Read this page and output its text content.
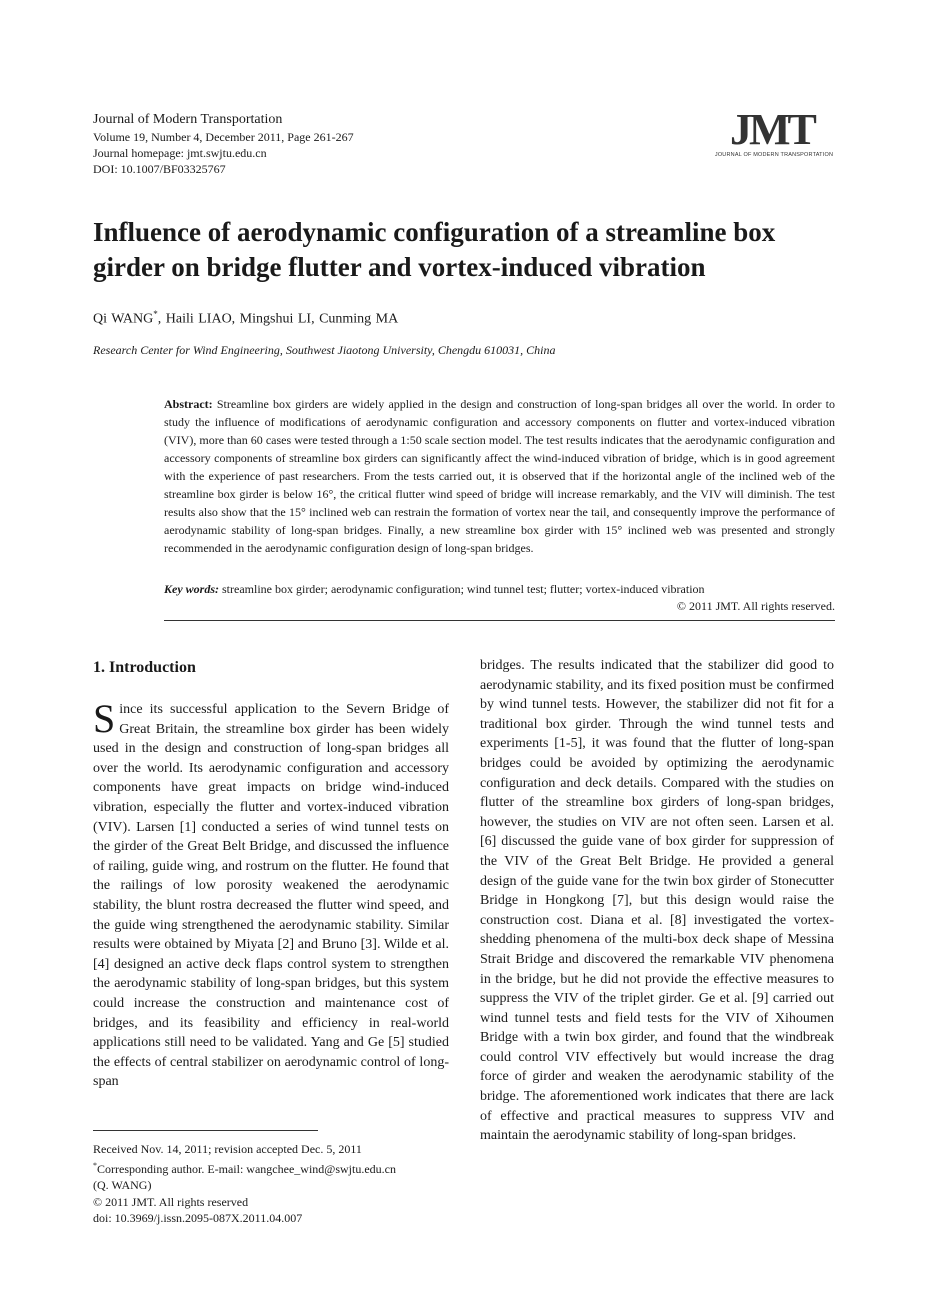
Journal of Modern Transportation
Volume 19, Number 4, December 2011, Page 261-267
Journal homepage: jmt.swjtu.edu.cn
DOI: 10.1007/BF03325767
JMT
JOURNAL OF MODERN TRANSPORTATION
Influence of aerodynamic configuration of a streamline box girder on bridge flutter and vortex-induced vibration
Qi WANG*, Haili LIAO, Mingshui LI, Cunming MA
Research Center for Wind Engineering, Southwest Jiaotong University, Chengdu 610031, China
Abstract: Streamline box girders are widely applied in the design and construction of long-span bridges all over the world. In order to study the influence of modifications of aerodynamic configuration and accessory components on flutter and vortex-induced vibration (VIV), more than 60 cases were tested through a 1:50 scale section model. The test results indicates that the aerodynamic configuration and accessory components of streamline box girders can significantly affect the wind-induced vibration of bridge, which is in good agreement with the experience of past researchers. From the tests carried out, it is observed that if the horizontal angle of the inclined web of the streamline box girder is below 16°, the critical flutter wind speed of bridge will increase remarkably, and the VIV will diminish. The test results also show that the 15° inclined web can restrain the formation of vortex near the tail, and consequently improve the performance of aerodynamic stability of long-span bridges. Finally, a new streamline box girder with 15° inclined web was presented and strongly recommended in the aerodynamic configuration design of long-span bridges.
Key words: streamline box girder; aerodynamic configuration; wind tunnel test; flutter; vortex-induced vibration
© 2011 JMT. All rights reserved.
1. Introduction
Since its successful application to the Severn Bridge of Great Britain, the streamline box girder has been widely used in the design and construction of long-span bridges all over the world. Its aerodynamic configuration and accessory components have great impacts on bridge wind-induced vibration, especially the flutter and vortex-induced vibration (VIV). Larsen [1] conducted a series of wind tunnel tests on the girder of the Great Belt Bridge, and discussed the influence of railing, guide wing, and rostrum on the flutter. He found that the railings of low porosity weakened the aerodynamic stability, the blunt rostra decreased the flutter wind speed, and the guide wing strengthened the aerodynamic stability. Similar results were obtained by Miyata [2] and Bruno [3]. Wilde et al. [4] designed an active deck flaps control system to strengthen the aerodynamic stability of long-span bridges, but this system could increase the construction and maintenance cost of bridges, and its feasibility and efficiency in real-world applications still need to be validated. Yang and Ge [5] studied the effects of central stabilizer on aerodynamic control of long-span
bridges. The results indicated that the stabilizer did good to aerodynamic stability, and its fixed position must be confirmed by wind tunnel tests. However, the stabilizer did not fit for a traditional box girder. Through the wind tunnel tests and experiments [1-5], it was found that the flutter of long-span bridges could be avoided by optimizing the aerodynamic configuration and deck details. Compared with the studies on flutter of the streamline box girders of long-span bridges, however, the studies on VIV are not often seen. Larsen et al. [6] discussed the guide vane of box girder for suppression of the VIV of the Great Belt Bridge. He provided a general design of the guide vane for the twin box girder of Stonecutter Bridge in Hongkong [7], but this design would raise the construction cost. Diana et al. [8] investigated the vortex-shedding phenomena of the multi-box deck shape of Messina Strait Bridge and discovered the remarkable VIV phenomena in the bridge, but he did not provide the effective measures to suppress the VIV of the triplet girder. Ge et al. [9] carried out wind tunnel tests and field tests for the VIV of Xihoumen Bridge with a twin box girder, and found that the windbreak could control VIV effectively but would increase the drag force of girder and weaken the aerodynamic stability of the bridge. The aforementioned work indicates that there are lack of effective and practical measures to suppress VIV and maintain the aerodynamic stability of long-span bridges.
Received Nov. 14, 2011; revision accepted Dec. 5, 2011
*Corresponding author. E-mail: wangchee_wind@swjtu.edu.cn
(Q. WANG)
© 2011 JMT. All rights reserved
doi: 10.3969/j.issn.2095-087X.2011.04.007
